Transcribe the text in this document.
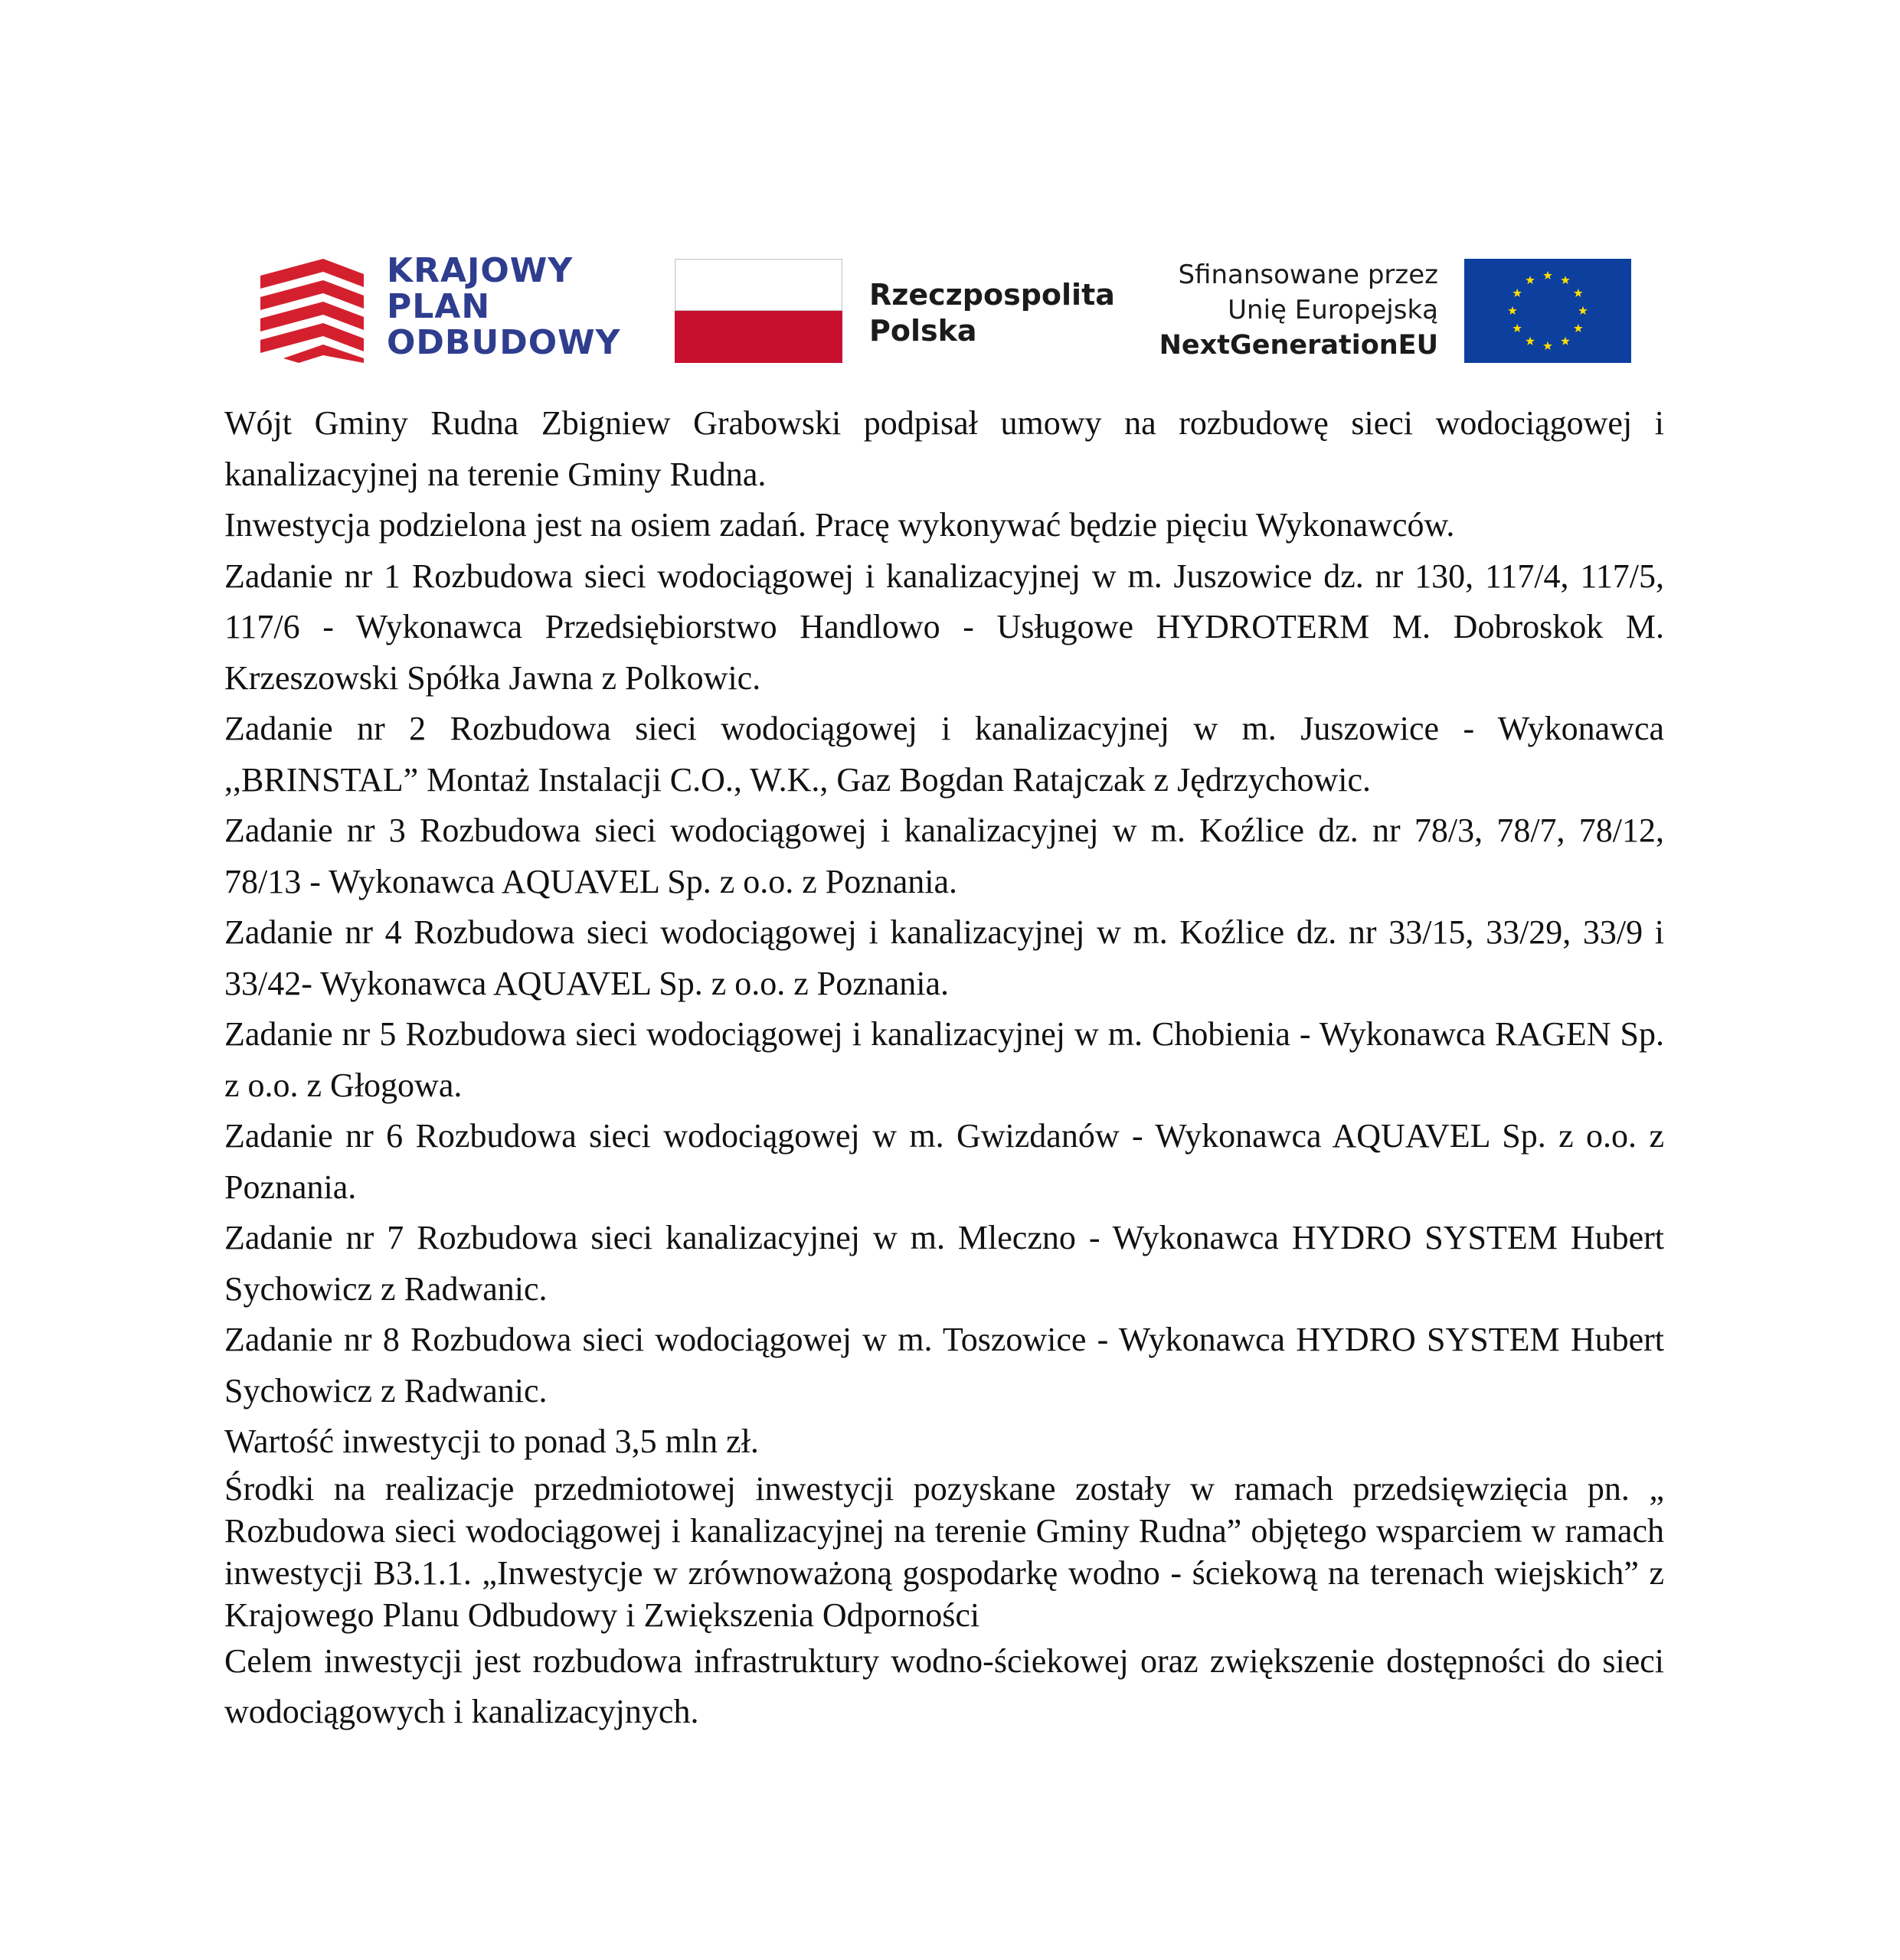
KRAJOWY
PLAN
ODBUDOWY
Rzeczpospolita
Polska
Sfinansowane przez
Unię Europejską
NextGenerationEU

Wójt Gminy Rudna Zbigniew Grabowski podpisał umowy na rozbudowę sieci wodociągowej i kanalizacyjnej na terenie Gminy Rudna.

Inwestycja podzielona jest na osiem zadań. Pracę wykonywać będzie pięciu Wykonawców.

Zadanie nr 1 Rozbudowa sieci wodociągowej i kanalizacyjnej w m. Juszowice dz. nr 130, 117/4, 117/5, 117/6 - Wykonawca Przedsiębiorstwo Handlowo - Usługowe HYDROTERM M. Dobroskok M. Krzeszowski Spółka Jawna z Polkowic.

Zadanie nr 2 Rozbudowa sieci wodociągowej i kanalizacyjnej w m. Juszowice - Wykonawca ,,BRINSTAL” Montaż Instalacji C.O., W.K., Gaz Bogdan Ratajczak z Jędrzychowic.

Zadanie nr 3 Rozbudowa sieci wodociągowej i kanalizacyjnej w m. Koźlice dz. nr 78/3, 78/7, 78/12, 78/13 - Wykonawca AQUAVEL Sp. z o.o. z Poznania.

Zadanie nr 4 Rozbudowa sieci wodociągowej i kanalizacyjnej w m. Koźlice dz. nr 33/15, 33/29, 33/9 i 33/42- Wykonawca AQUAVEL Sp. z o.o. z Poznania.

Zadanie nr 5 Rozbudowa sieci wodociągowej i kanalizacyjnej w m. Chobienia - Wykonawca RAGEN Sp. z o.o. z Głogowa.

Zadanie nr 6 Rozbudowa sieci wodociągowej w m. Gwizdanów - Wykonawca AQUAVEL Sp. z o.o. z Poznania.

Zadanie nr 7 Rozbudowa sieci kanalizacyjnej w m. Mleczno - Wykonawca HYDRO SYSTEM Hubert Sychowicz z Radwanic.

Zadanie nr 8 Rozbudowa sieci wodociągowej w m. Toszowice - Wykonawca HYDRO SYSTEM Hubert Sychowicz z Radwanic.

Wartość inwestycji to ponad 3,5 mln zł.

Środki na realizacje przedmiotowej inwestycji pozyskane zostały w ramach przedsięwzięcia pn. „ Rozbudowa sieci wodociągowej i kanalizacyjnej na terenie Gminy Rudna” objętego wsparciem w ramach inwestycji B3.1.1. „Inwestycje w zrównoważoną gospodarkę wodno - ściekową na terenach wiejskich” z Krajowego Planu Odbudowy i Zwiększenia Odporności

Celem inwestycji jest rozbudowa infrastruktury wodno-ściekowej oraz zwiększenie dostępności do sieci wodociągowych i kanalizacyjnych.
